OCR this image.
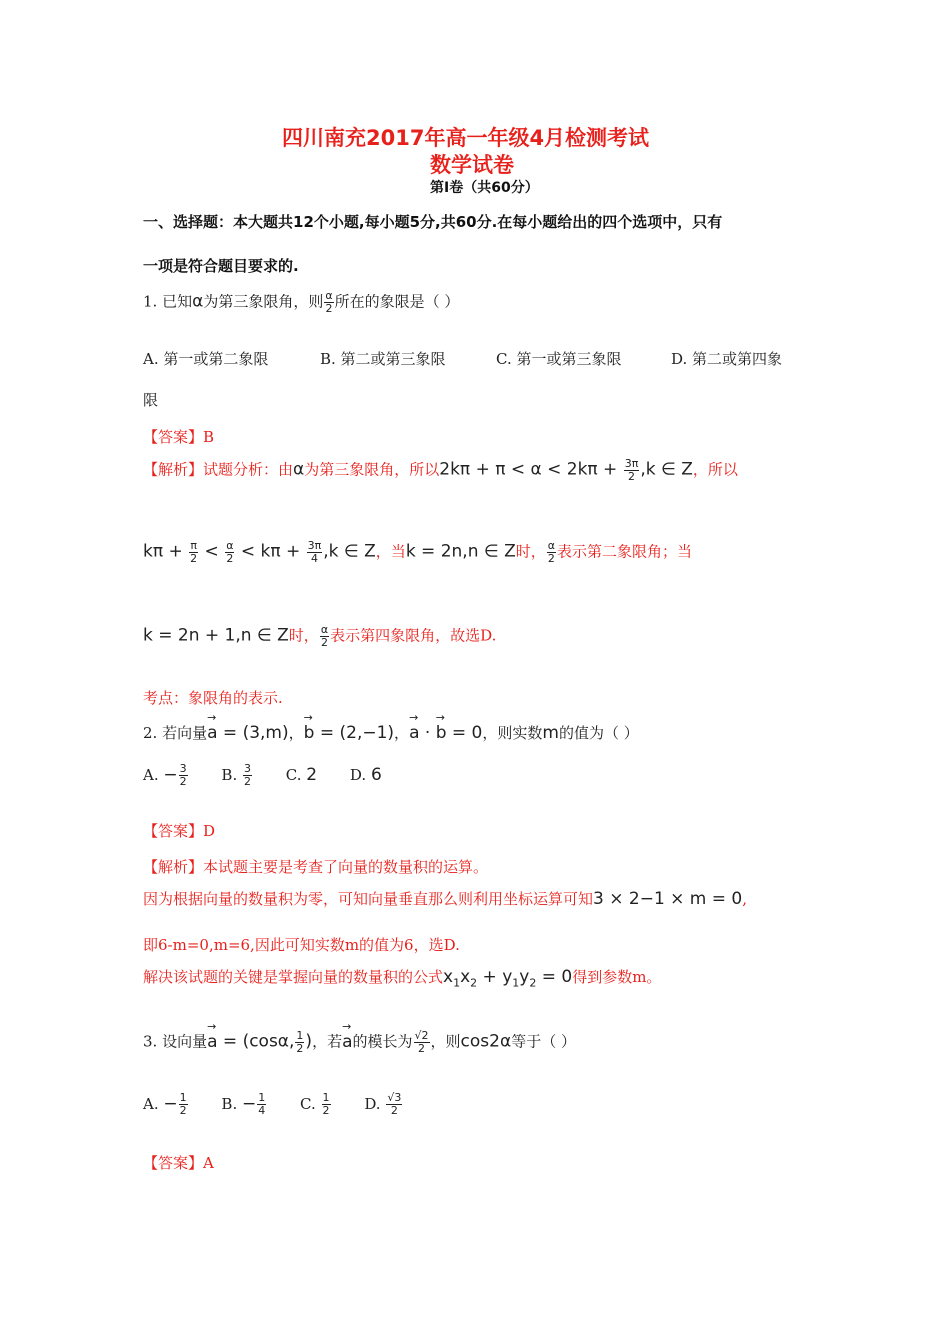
四川南充2017年高一年级4月检测考试
数学试卷
第Ⅰ卷（共60分）
一、选择题：本大题共12个小题,每小题5分,共60分.在每小题给出的四个选项中，只有
一项是符合题目要求的.
1. 已知α为第三象限角，则 $\frac{\alpha}{2}$ 所在的象限是（ ）
A. 第一或第二象限	B. 第二或第三象限	C. 第一或第三象限	D. 第二或第四象
限
【答案】B
【解析】试题分析：由α为第三象限角，所以$2k\pi + \pi < \alpha < 2k\pi + \frac{3\pi}{2} ,k$ ∈ Z，所以
$k\pi + \frac{\pi}{2} < \frac{\alpha}{2} < k\pi + \frac{3\pi}{4} ,k$ ∈ Z，当k = 2n,n ∈ Z时， $\frac{\alpha}{2}$ 表示第二象限角；当
k = 2n + 1,n ∈ Z时， $\frac{\alpha}{2}$ 表示第四象限角，故选D.
考点：象限角的表示.
2. 若向量→ a = (3,m)，→ b = (2,−1)，→ a · → b = 0，则实数m的值为（ ）
A. − $\frac{3}{2} B$. $\frac{3}{2} C$. 2 D. 6
【答案】D
【解析】本试题主要是考查了向量的数量积的运算。
因为根据向量的数量积为零，可知向量垂直那么则利用坐标运算可知3 × 2−1 × m = 0,
即6-m=0,m=6,因此可知实数m的值为6，选D.
解决该试题的关键是掌握向量的数量积的公式$x_1x_2 + y_1y_2 = 0$得到参数m。
3. 设向量→ a = (cosα, $\frac{1}{2}$ )，若→ a的模长为 $\frac{√2}{2}$ ，则cos2α等于（ ）
A. − $\frac{1}{2} B$. − $\frac{1}{4} C$. $\frac{1}{2} D$. $\frac{√3}{2}$
【答案】A
